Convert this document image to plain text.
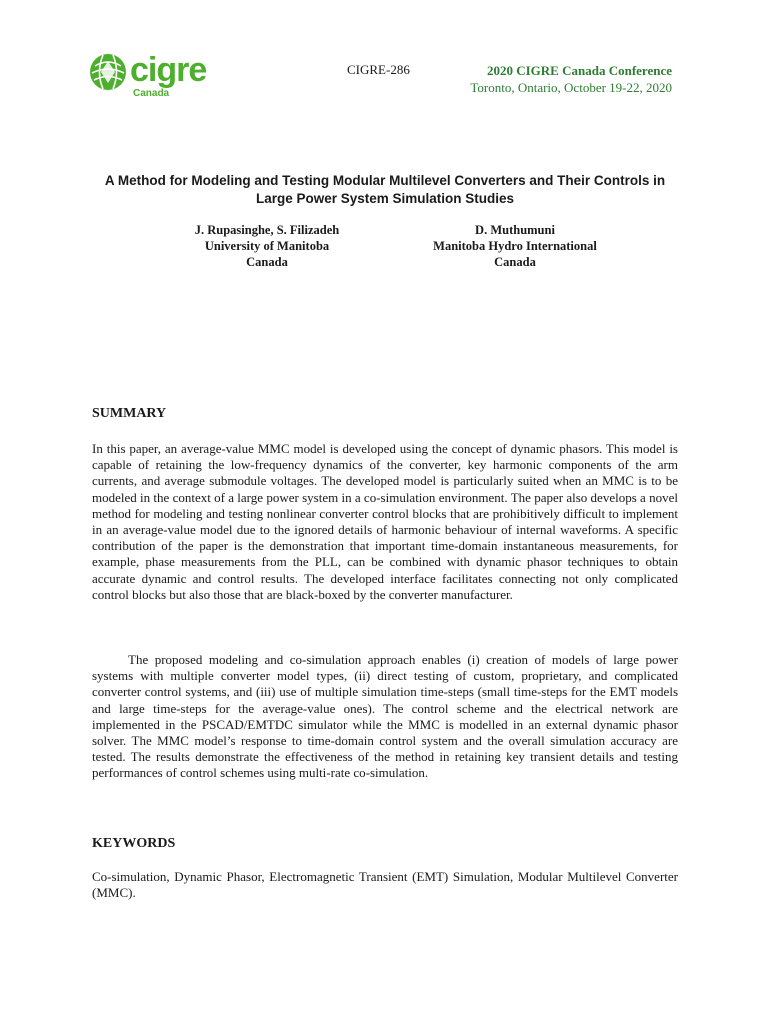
cigre
Canada
CIGRE-286	2020 CIGRE Canada Conference
Toronto, Ontario, October 19-22, 2020
A Method for Modeling and Testing Modular Multilevel Converters and Their Controls in Large Power System Simulation Studies
J. Rupasinghe, S. Filizadeh
University of Manitoba
Canada
D. Muthumuni
Manitoba Hydro International
Canada
SUMMARY

In this paper, an average-value MMC model is developed using the concept of dynamic phasors. This model is capable of retaining the low-frequency dynamics of the converter, key harmonic components of the arm currents, and average submodule voltages. The developed model is particularly suited when an MMC is to be modeled in the context of a large power system in a co-simulation environment. The paper also develops a novel method for modeling and testing nonlinear converter control blocks that are prohibitively difficult to implement in an average-value model due to the ignored details of harmonic behaviour of internal waveforms. A specific contribution of the paper is the demonstration that important time-domain instantaneous measurements, for example, phase measurements from the PLL, can be combined with dynamic phasor techniques to obtain accurate dynamic and control results. The developed interface facilitates connecting not only complicated control blocks but also those that are black-boxed by the converter manufacturer.

The proposed modeling and co-simulation approach enables (i) creation of models of large power systems with multiple converter model types, (ii) direct testing of custom, proprietary, and complicated converter control systems, and (iii) use of multiple simulation time-steps (small time-steps for the EMT models and large time-steps for the average-value ones). The control scheme and the electrical network are implemented in the PSCAD/EMTDC simulator while the MMC is modelled in an external dynamic phasor solver. The MMC model’s response to time-domain control system and the overall simulation accuracy are tested. The results demonstrate the effectiveness of the method in retaining key transient details and testing performances of control schemes using multi-rate co-simulation.

KEYWORDS

Co-simulation, Dynamic Phasor, Electromagnetic Transient (EMT) Simulation, Modular Multilevel Converter (MMC).
